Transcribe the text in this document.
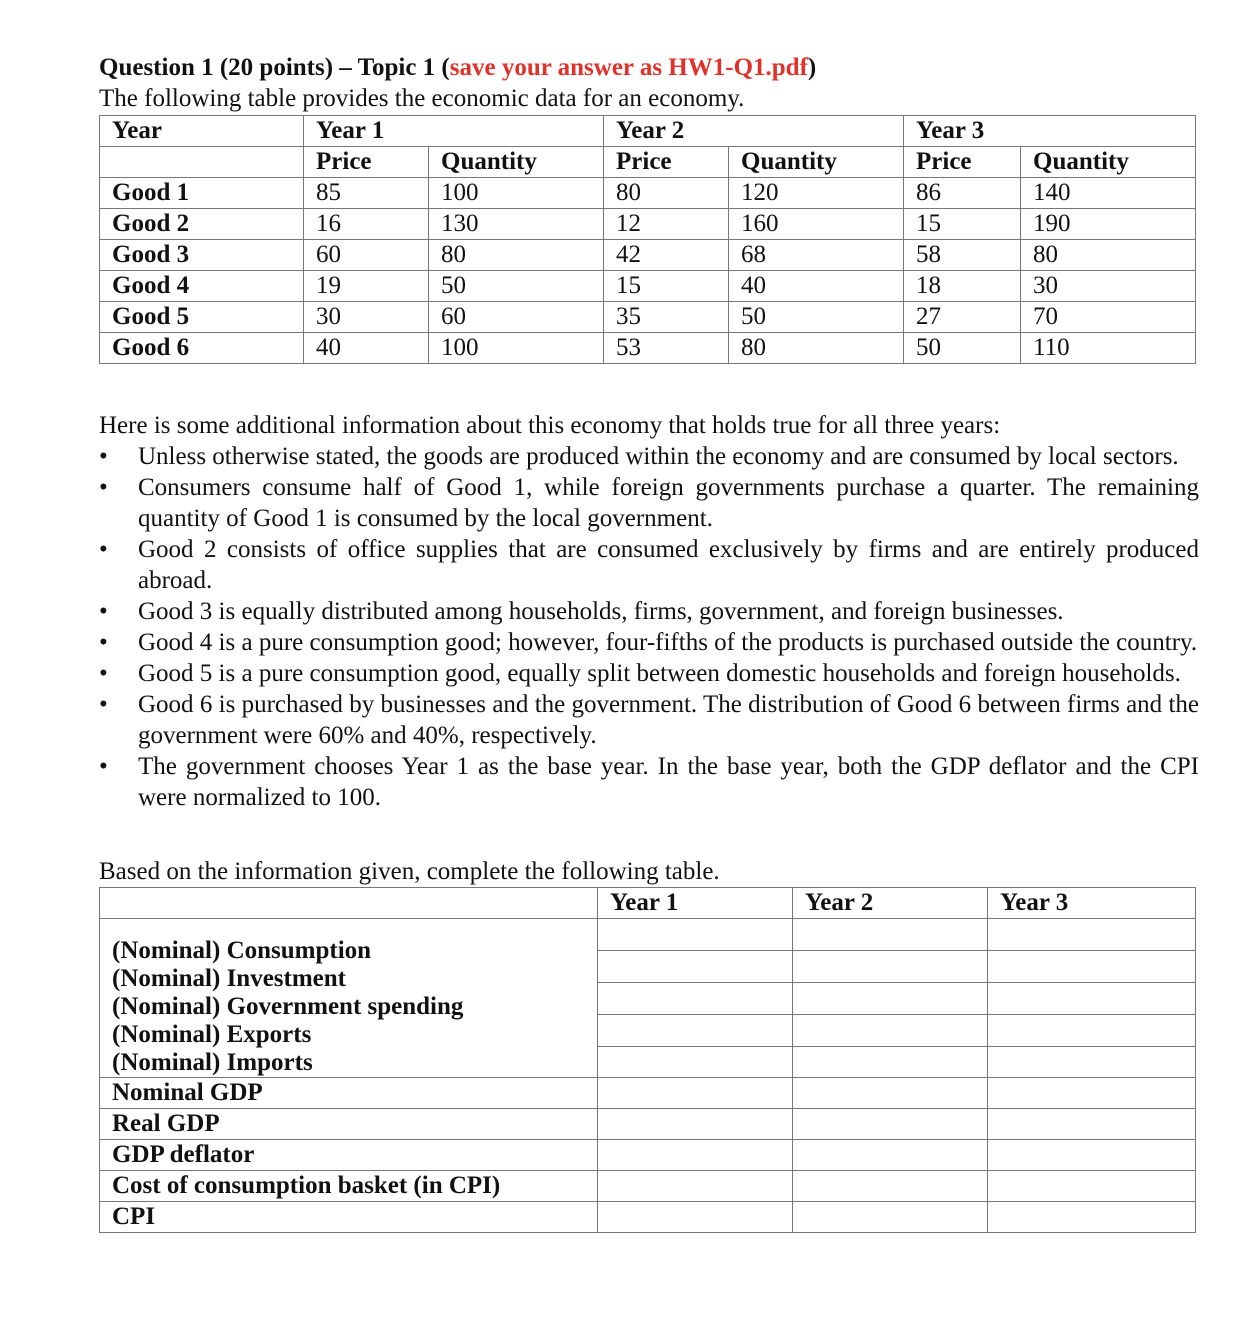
Question 1 (20 points) – Topic 1 (save your answer as HW1-Q1.pdf)
The following table provides the economic data for an economy.
Year	Year 1		Year 2		Year 3	
	Price	Quantity	Price	Quantity	Price	Quantity
Good 1	85	100	80	120	86	140
Good 2	16	130	12	160	15	190
Good 3	60	80	42	68	58	80
Good 4	19	50	15	40	18	30
Good 5	30	60	35	50	27	70
Good 6	40	100	53	80	50	110
Here is some additional information about this economy that holds true for all three years:
• Unless otherwise stated, the goods are produced within the economy and are consumed by local sectors.
• Consumers consume half of Good 1, while foreign governments purchase a quarter. The remaining quantity of Good 1 is consumed by the local government.
• Good 2 consists of office supplies that are consumed exclusively by firms and are entirely produced abroad.
• Good 3 is equally distributed among households, firms, government, and foreign businesses.
• Good 4 is a pure consumption good; however, four-fifths of the products is purchased outside the country.
• Good 5 is a pure consumption good, equally split between domestic households and foreign households.
• Good 6 is purchased by businesses and the government. The distribution of Good 6 between firms and the government were 60% and 40%, respectively.
• The government chooses Year 1 as the base year. In the base year, both the GDP deflator and the CPI were normalized to 100.
Based on the information given, complete the following table.
	Year 1	Year 2	Year 3

(Nominal) Consumption
(Nominal) Investment
(Nominal) Government spending
(Nominal) Exports
(Nominal) Imports			

Nominal GDP			
Real GDP			
GDP deflator			
Cost of consumption basket (in CPI)			
CPI			
